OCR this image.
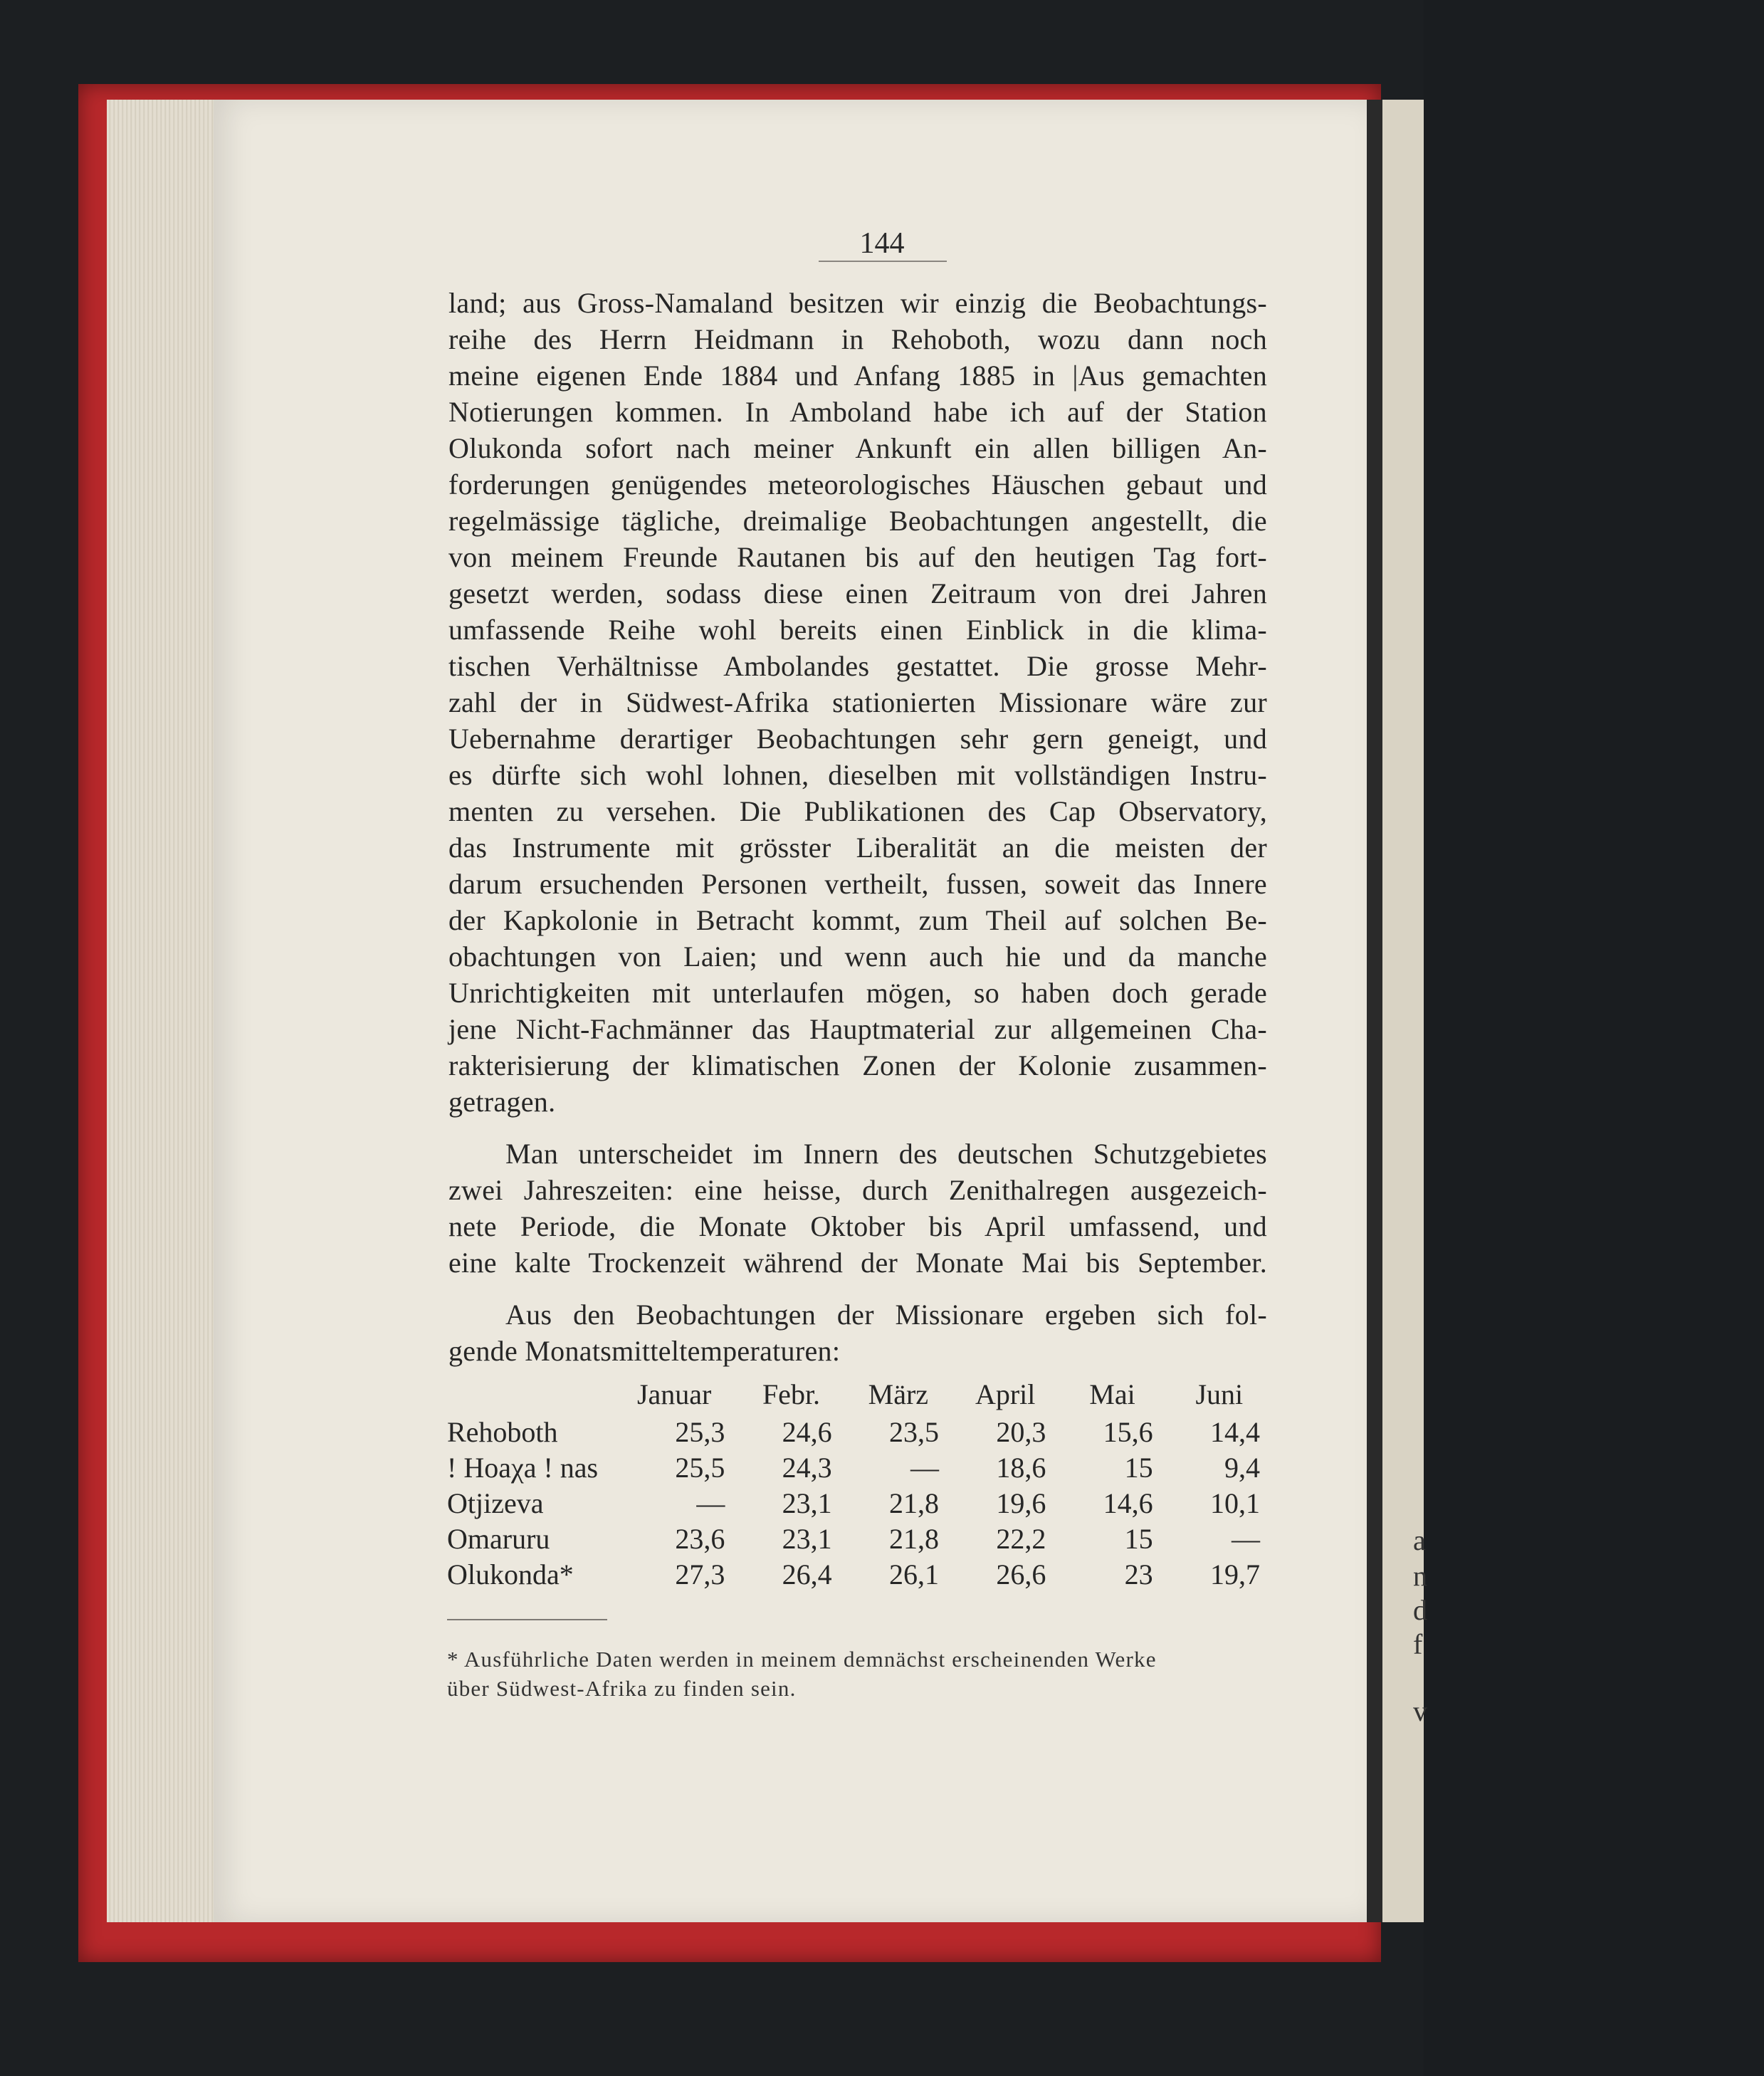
a
n
d
f
v
144
land; aus Gross-Namaland besitzen wir einzig die Beobachtungs-
reihe des Herrn Heidmann in Rehoboth, wozu dann noch
meine eigenen Ende 1884 und Anfang 1885 in |Aus gemachten
Notierungen kommen. In Amboland habe ich auf der Station
Olukonda sofort nach meiner Ankunft ein allen billigen An-
forderungen genügendes meteorologisches Häuschen gebaut und
regelmässige tägliche, dreimalige Beobachtungen angestellt, die
von meinem Freunde Rautanen bis auf den heutigen Tag fort-
gesetzt werden, sodass diese einen Zeitraum von drei Jahren
umfassende Reihe wohl bereits einen Einblick in die klima-
tischen Verhältnisse Ambolandes gestattet. Die grosse Mehr-
zahl der in Südwest-Afrika stationierten Missionare wäre zur
Uebernahme derartiger Beobachtungen sehr gern geneigt, und
es dürfte sich wohl lohnen, dieselben mit vollständigen Instru-
menten zu versehen. Die Publikationen des Cap Observatory,
das Instrumente mit grösster Liberalität an die meisten der
darum ersuchenden Personen vertheilt, fussen, soweit das Innere
der Kapkolonie in Betracht kommt, zum Theil auf solchen Be-
obachtungen von Laien; und wenn auch hie und da manche
Unrichtigkeiten mit unterlaufen mögen, so haben doch gerade
jene Nicht-Fachmänner das Hauptmaterial zur allgemeinen Cha-
rakterisierung der klimatischen Zonen der Kolonie zusammen-
getragen.
Man unterscheidet im Innern des deutschen Schutzgebietes
zwei Jahreszeiten: eine heisse, durch Zenithalregen ausgezeich-
nete Periode, die Monate Oktober bis April umfassend, und
eine kalte Trockenzeit während der Monate Mai bis September.
Aus den Beobachtungen der Missionare ergeben sich fol-
gende Monatsmitteltemperaturen:
	Januar	Febr.	März	April	Mai	Juni
Rehoboth	25,3	24,6	23,5	20,3	15,6	14,4
! Hoaχa ! nas	25,5	24,3	—	18,6	15	9,4
Otjizeva	—	23,1	21,8	19,6	14,6	10,1
Omaruru	23,6	23,1	21,8	22,2	15	—
Olukonda*	27,3	26,4	26,1	26,6	23	19,7
* Ausführliche Daten werden in meinem demnächst erscheinenden Werke
über Südwest-Afrika zu finden sein.
